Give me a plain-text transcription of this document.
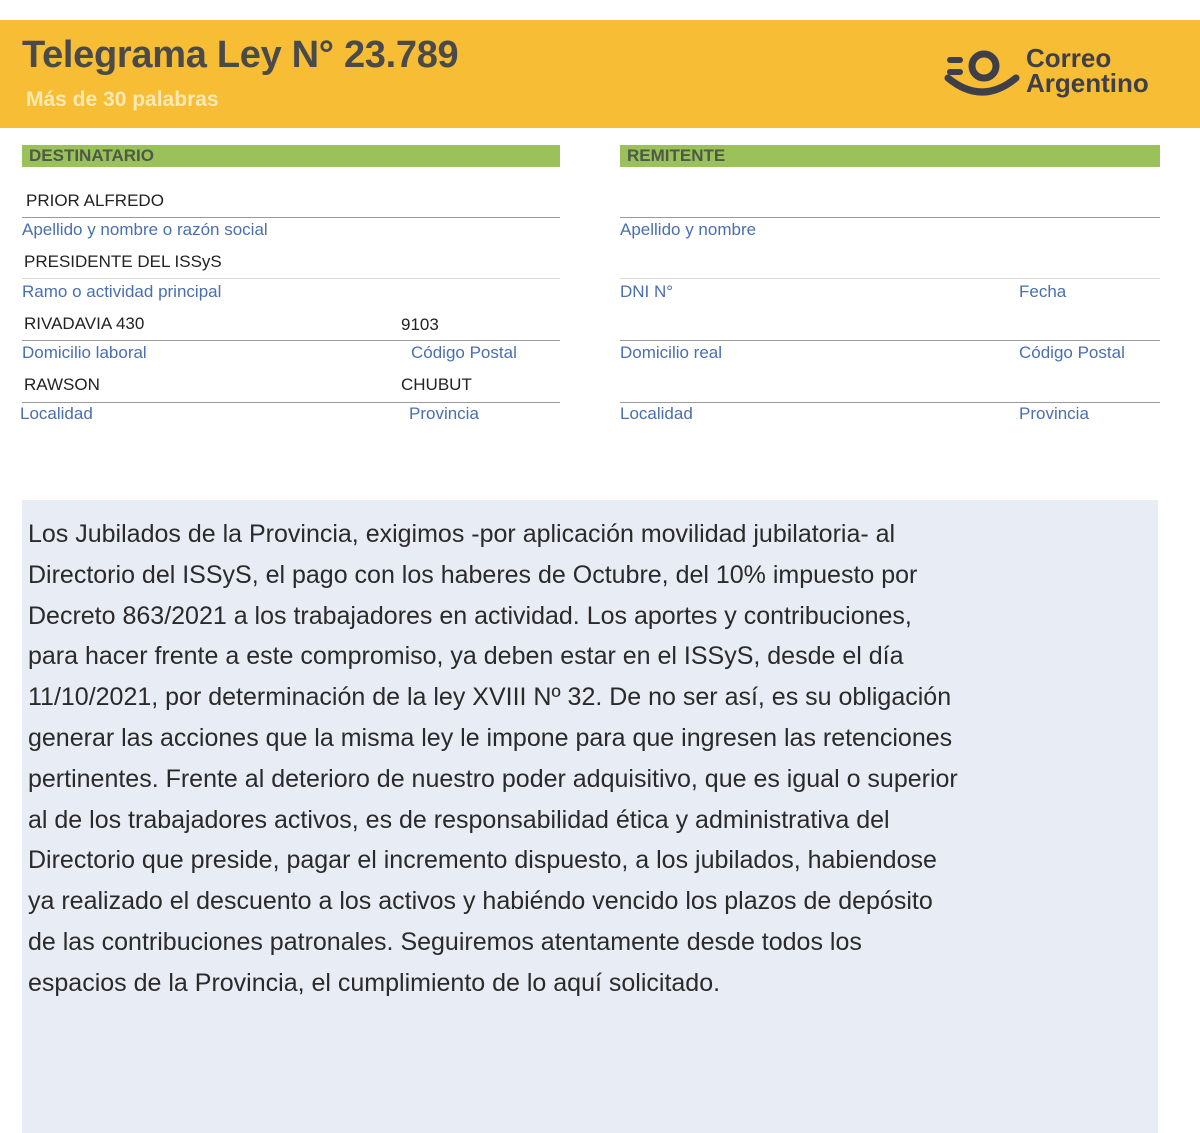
Telegrama Ley N° 23.789
Más de 30 palabras
Correo
Argentino
DESTINATARIO
PRIOR ALFREDO
Apellido y nombre o razón social
PRESIDENTE DEL ISSyS
Ramo o actividad principal
RIVADAVIA 430	9103
Domicilio laboral	Código Postal
RAWSON	CHUBUT
Localidad	Provincia
REMITENTE
Apellido y nombre
DNI N°	Fecha
Domicilio real	Código Postal
Localidad	Provincia
Los Jubilados de la Provincia, exigimos -por aplicación movilidad jubilatoria- al
Directorio del ISSyS, el pago con los haberes de Octubre, del 10% impuesto por
Decreto 863/2021 a los trabajadores en actividad. Los aportes y contribuciones,
para hacer frente a este compromiso, ya deben estar en el ISSyS, desde el día
11/10/2021, por determinación de la ley XVIII Nº 32. De no ser así, es su obligación
generar las acciones que la misma ley le impone para que ingresen las retenciones
pertinentes. Frente al deterioro de nuestro poder adquisitivo, que es igual o superior
al de los trabajadores activos, es de responsabilidad ética y administrativa del
Directorio que preside, pagar el incremento dispuesto, a los jubilados, habiendose
ya realizado el descuento a los activos y habiéndo vencido los plazos de depósito
de las contribuciones patronales. Seguiremos atentamente desde todos los
espacios de la Provincia, el cumplimiento de lo aquí solicitado.
